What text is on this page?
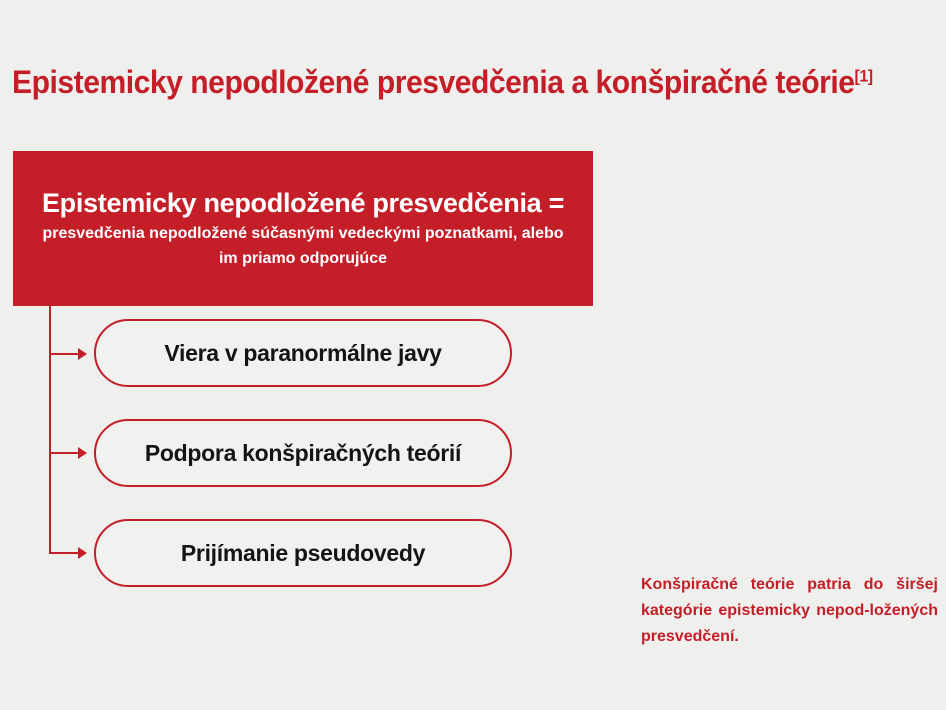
Epistemicky nepodložené presvedčenia a konšpiračné teórie[1]
Epistemicky nepodložené presvedčenia =
presvedčenia nepodložené súčasnými vedeckými poznatkami, alebo im priamo odporujúce
Viera v paranormálne javy
Podpora konšpiračných teórií
Prijímanie pseudovedy

Konšpiračné teórie patria do širšej kategórie epistemicky nepod-ložených presvedčení.
